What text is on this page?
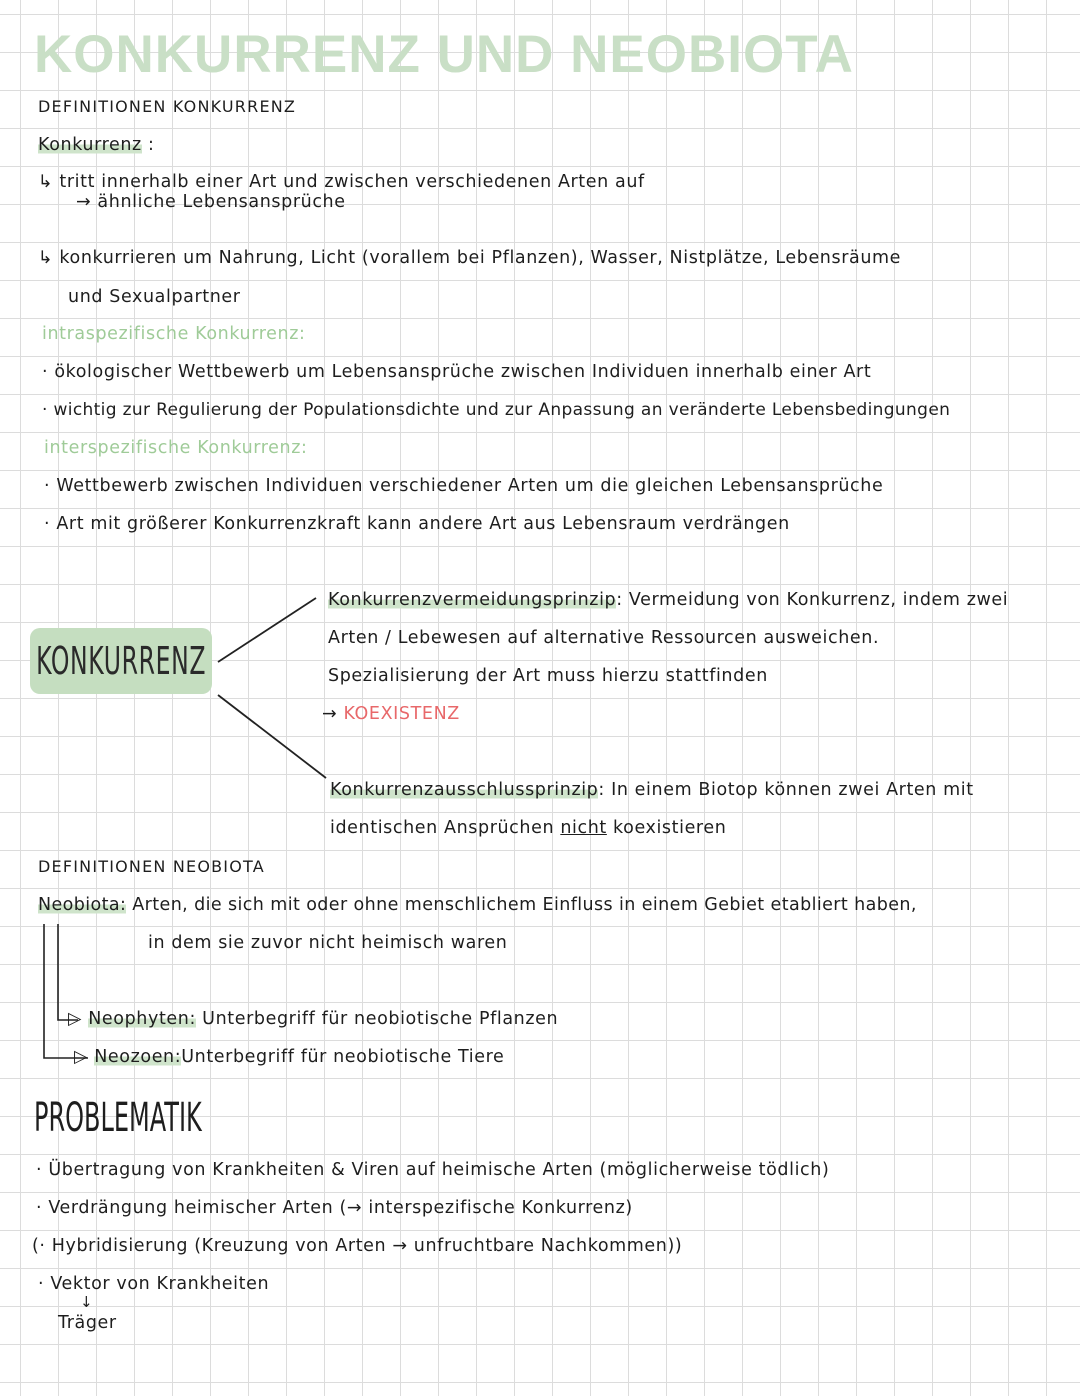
KONKURRENZ UND NEOBIOTA
DEFINITIONEN KONKURRENZ
Konkurrenz :
↳ tritt innerhalb einer Art und zwischen verschiedenen Arten auf
→ ähnliche Lebensansprüche
↳ konkurrieren um Nahrung, Licht (vorallem bei Pflanzen), Wasser, Nistplätze, Lebensräume
und Sexualpartner
intraspezifische Konkurrenz:
· ökologischer Wettbewerb um Lebensansprüche zwischen Individuen innerhalb einer Art
· wichtig zur Regulierung der Populationsdichte und zur Anpassung an veränderte Lebensbedingungen
interspezifische Konkurrenz:
· Wettbewerb zwischen Individuen verschiedener Arten um die gleichen Lebensansprüche
· Art mit größerer Konkurrenzkraft kann andere Art aus Lebensraum verdrängen
KONKURRENZ
Konkurrenzvermeidungsprinzip: Vermeidung von Konkurrenz, indem zwei
Arten / Lebewesen auf alternative Ressourcen ausweichen.
Spezialisierung der Art muss hierzu stattfinden
→ KOEXISTENZ
Konkurrenzausschlussprinzip: In einem Biotop können zwei Arten mit
identischen Ansprüchen nicht koexistieren
DEFINITIONEN NEOBIOTA
Neobiota: Arten, die sich mit oder ohne menschlichem Einfluss in einem Gebiet etabliert haben,
in dem sie zuvor nicht heimisch waren
▷ Neophyten: Unterbegriff für neobiotische Pflanzen
▷ Neozoen:Unterbegriff für neobiotische Tiere
PROBLEMATIK
· Übertragung von Krankheiten & Viren auf heimische Arten (möglicherweise tödlich)
· Verdrängung heimischer Arten (→ interspezifische Konkurrenz)
(· Hybridisierung (Kreuzung von Arten → unfruchtbare Nachkommen))
· Vektor von Krankheiten
↓
Träger
